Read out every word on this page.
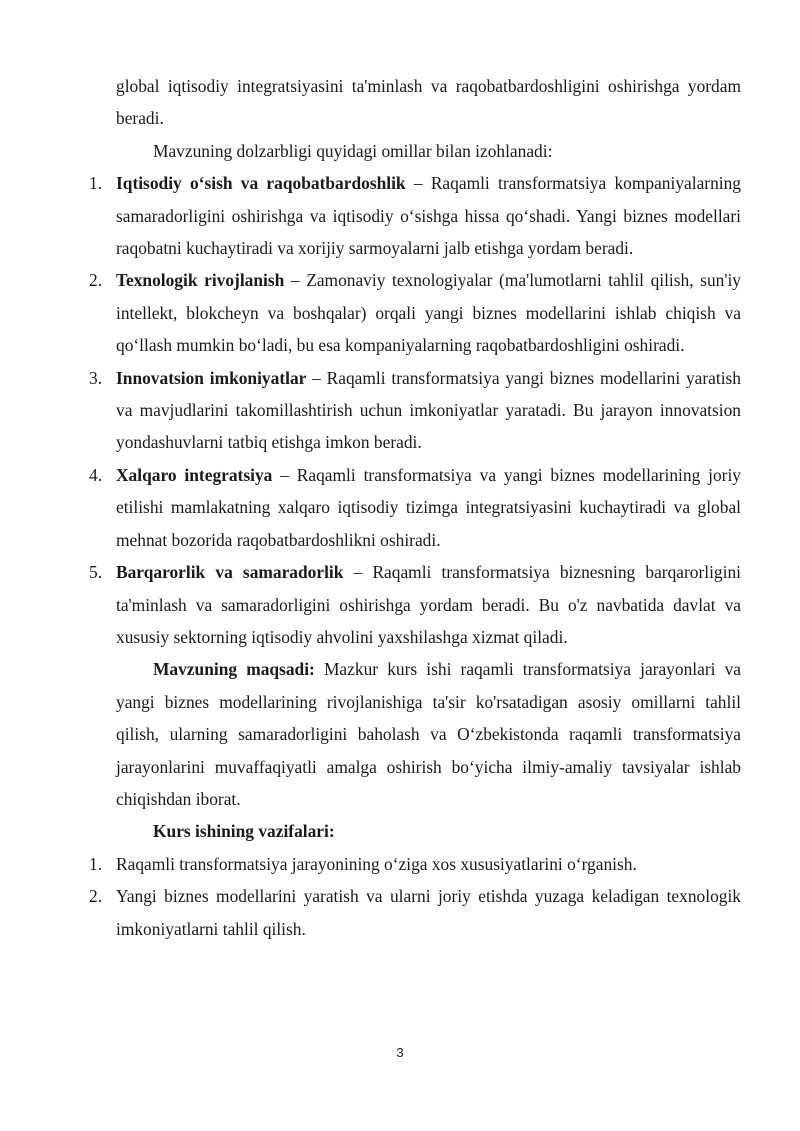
global iqtisodiy integratsiyasini ta'minlash va raqobatbardoshligini oshirishga yordam beradi.

Mavzuning dolzarbligi quyidagi omillar bilan izohlanadi:

1. Iqtisodiy o‘sish va raqobatbardoshlik – Raqamli transformatsiya kompaniyalarning samaradorligini oshirishga va iqtisodiy o‘sishga hissa qo‘shadi. Yangi biznes modellari raqobatni kuchaytiradi va xorijiy sarmoyalarni jalb etishga yordam beradi.
2. Texnologik rivojlanish – Zamonaviy texnologiyalar (ma'lumotlarni tahlil qilish, sun'iy intellekt, blokcheyn va boshqalar) orqali yangi biznes modellarini ishlab chiqish va qo‘llash mumkin bo‘ladi, bu esa kompaniyalarning raqobatbardoshligini oshiradi.
3. Innovatsion imkoniyatlar – Raqamli transformatsiya yangi biznes modellarini yaratish va mavjudlarini takomillashtirish uchun imkoniyatlar yaratadi. Bu jarayon innovatsion yondashuvlarni tatbiq etishga imkon beradi.
4. Xalqaro integratsiya – Raqamli transformatsiya va yangi biznes modellarining joriy etilishi mamlakatning xalqaro iqtisodiy tizimga integratsiyasini kuchaytiradi va global mehnat bozorida raqobatbardoshlikni oshiradi.
5. Barqarorlik va samaradorlik – Raqamli transformatsiya biznesning barqarorligini ta'minlash va samaradorligini oshirishga yordam beradi. Bu o'z navbatida davlat va xususiy sektorning iqtisodiy ahvolini yaxshilashga xizmat qiladi.

Mavzuning maqsadi: Mazkur kurs ishi raqamli transformatsiya jarayonlari va yangi biznes modellarining rivojlanishiga ta'sir ko'rsatadigan asosiy omillarni tahlil qilish, ularning samaradorligini baholash va O‘zbekistonda raqamli transformatsiya jarayonlarini muvaffaqiyatli amalga oshirish bo‘yicha ilmiy-amaliy tavsiyalar ishlab chiqishdan iborat.

Kurs ishining vazifalari:

1. Raqamli transformatsiya jarayonining o‘ziga xos xususiyatlarini o‘rganish.
2. Yangi biznes modellarini yaratish va ularni joriy etishda yuzaga keladigan texnologik imkoniyatlarni tahlil qilish.
3
